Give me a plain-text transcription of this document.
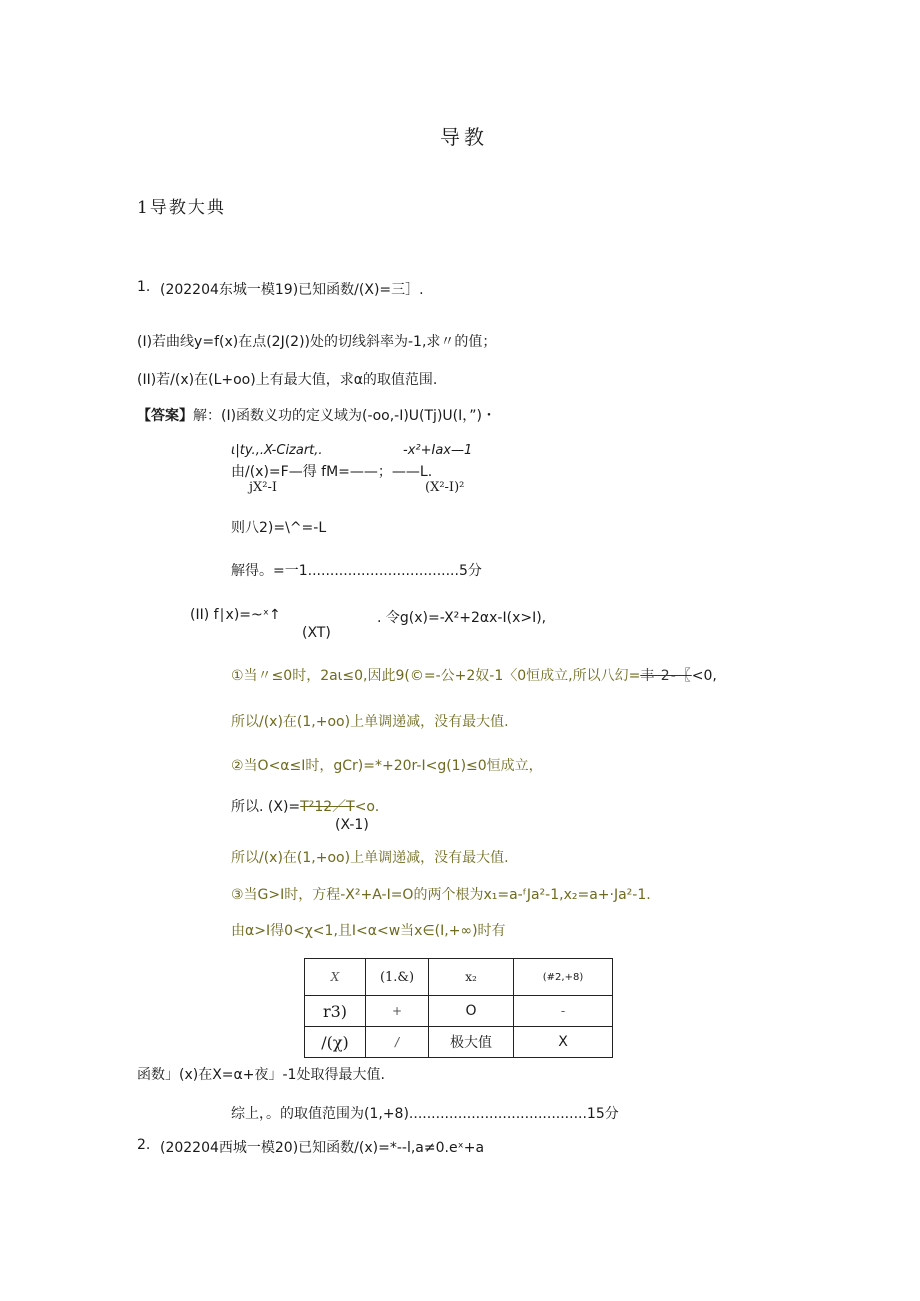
导教
1导教大典
1. (202204东城一模19)已知函数/(X)=三］.
(I)若曲线y=f(x)在点(2J(2))处的切线斜率为-1,求〃的值；
(II)若/(x)在(L+oo)上有最大值，求α的取值范围.
【答案】解：(I)函数义功的定义域为(-oo,-I)U(Tj)U(I，”)・
ι|ty.,.X-Cizart,.	-x²+Iax—1
由/(x)=F—得 fM=——；——L.
jX²-I	(X²-I)²
则八2)=\^=-L
解得。=一1..................................5分
(II) f∣x)=~ˣ↑	. 令g(x)=-X²+2αx-I(x>I),
(XT)
①当〃≤0时，2aι≤0,因此9(©=-公+2奴-1〈0恒成立,所以八幻=丰 2-〖<0,
所以/(x)在(1,+oo)上单调递减，没有最大值.
②当O<α≤I时，gCr)=*+20r-I<g(1)≤0恒成立，
所以. (X)=T²12／T<o.
(X-1)
所以/(x)在(1,+oo)上单调递减，没有最大值.
③当G>I时，方程-X²+A-I=O的两个根为x₁=a-ᶠJa²-1,x₂=a+·Ja²-1.
由α>I得0<χ<1,且I<α<w当x∈(I,+∞)时有
X	(1.&)	x₂	(#2,+8)
r3)	+	O	-
/(χ)	/	极大值	X
函数」(x)在X=α+夜」-1处取得最大值.
综上，。的取值范围为(1,+8)........................................15分
2. (202204西城一模20)已知函数/(x)=*--l,a≠0.eˣ+a
